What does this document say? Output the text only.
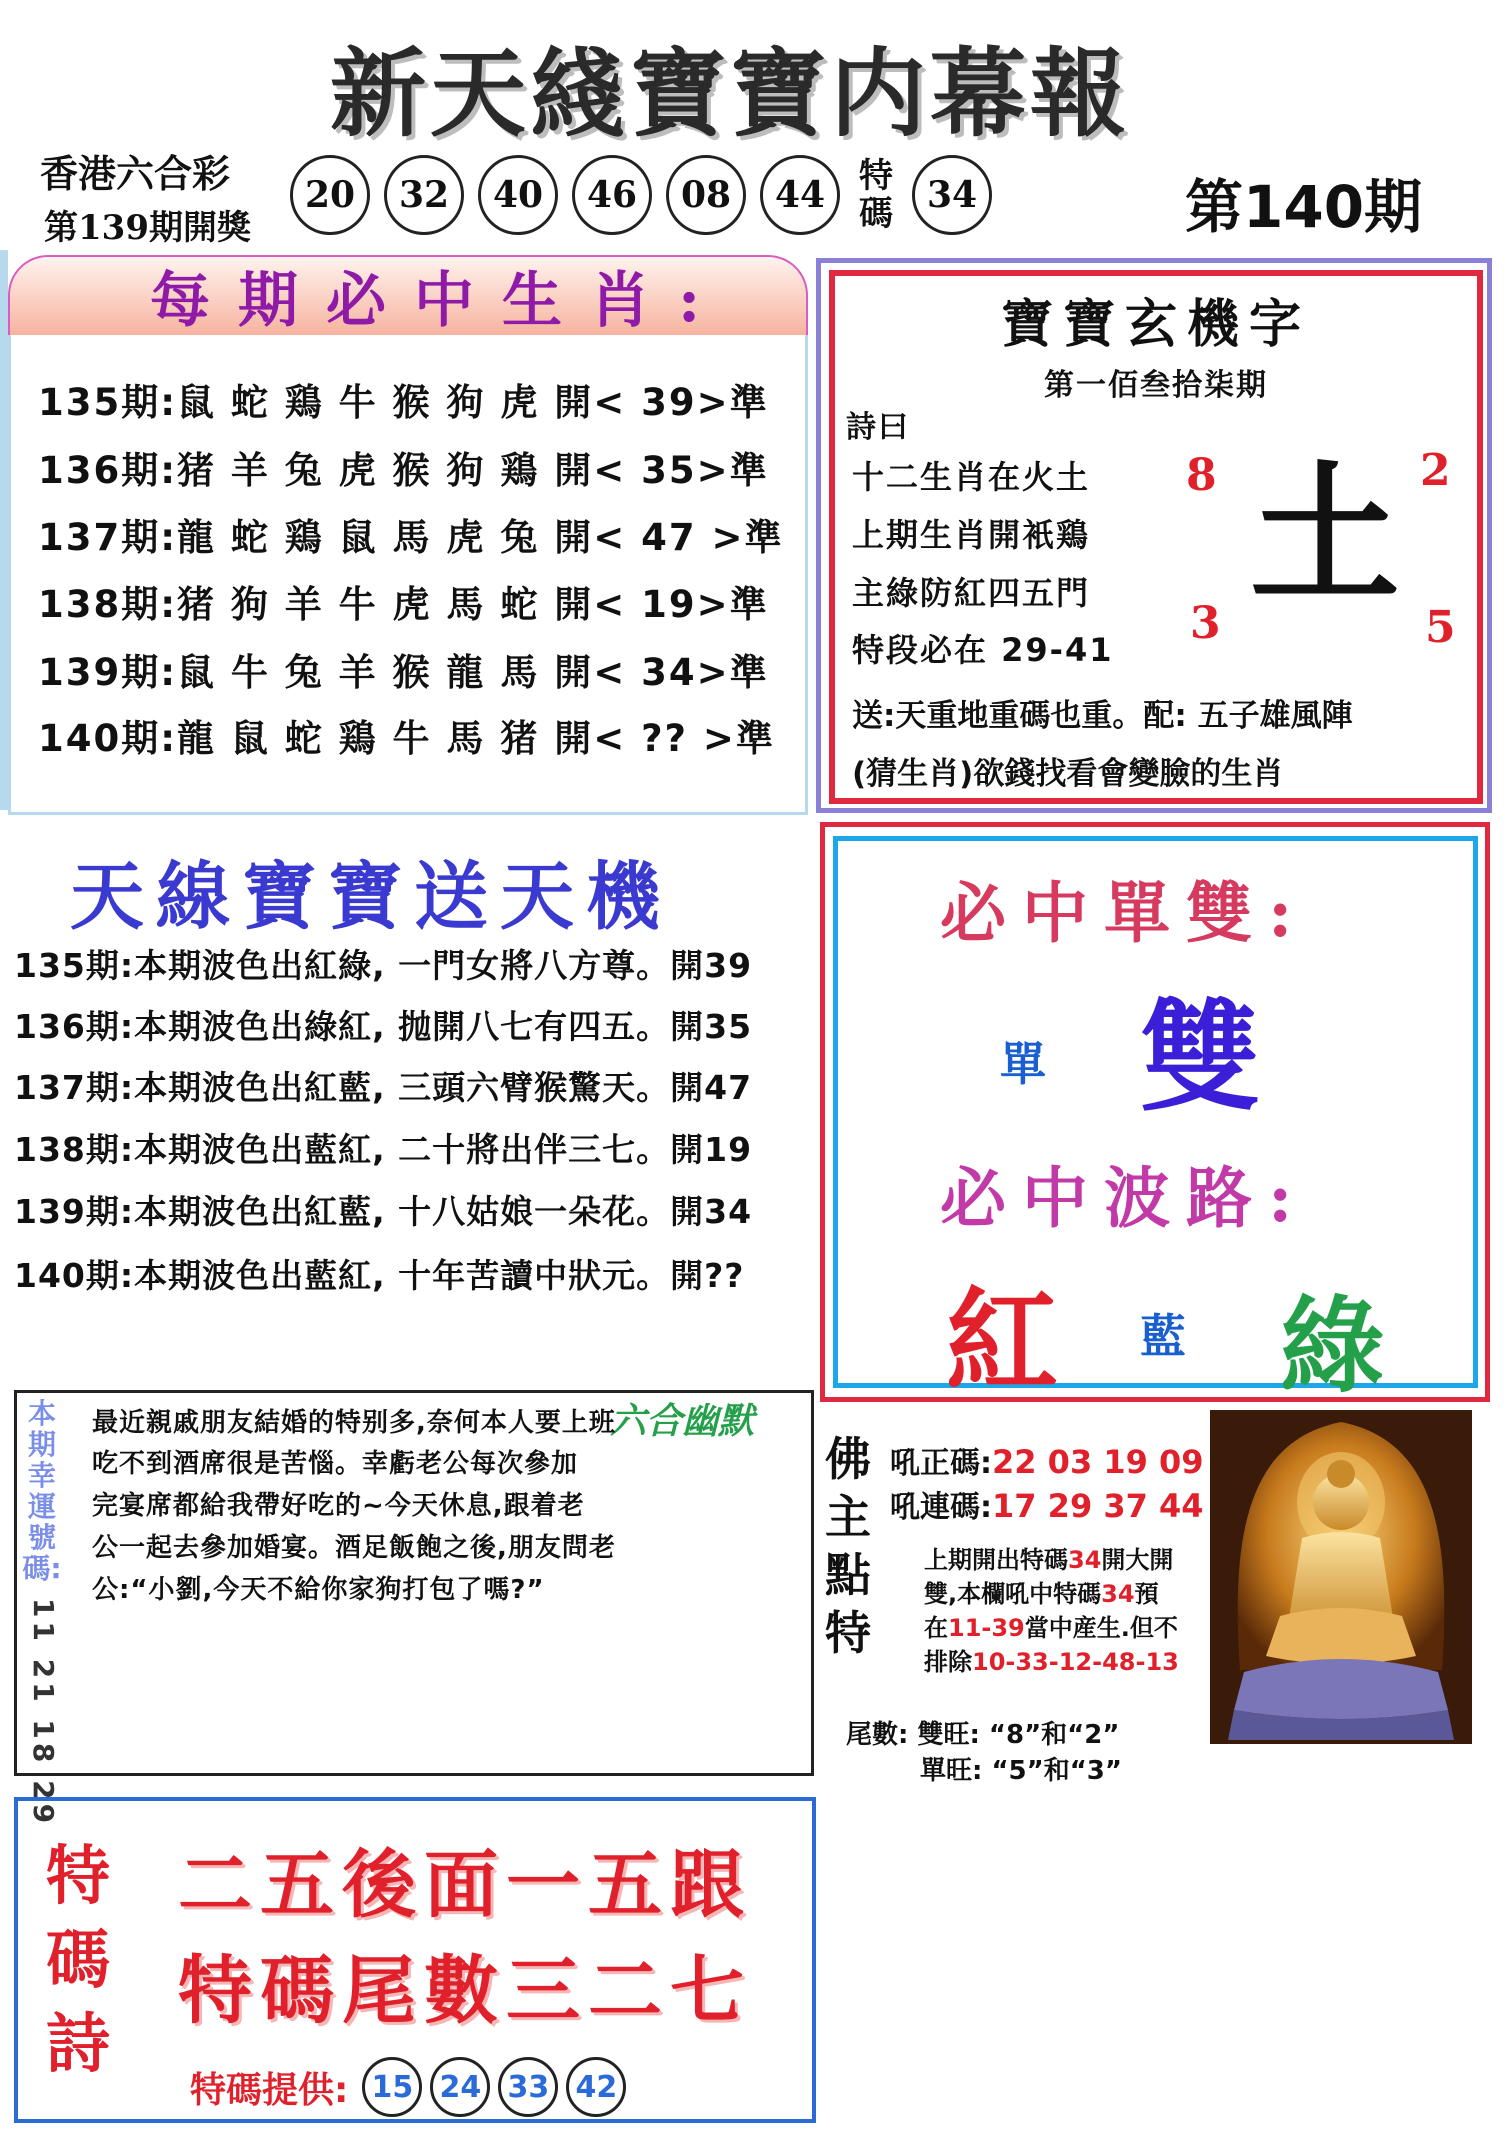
新天綫寶寶内幕報
香港六合彩
第139期開獎
20	32	40	46	08	44 特碼 34	第140期
每期必中生肖:
135期:鼠 蛇 鶏 牛 猴 狗 虎 開< 39>準
136期:猪 羊 兔 虎 猴 狗 鶏 開< 35>準
137期:龍 蛇 鶏 鼠 馬 虎 兔 開< 47 >準
138期:猪 狗 羊 牛 虎 馬 蛇 開< 19>準
139期:鼠 牛 兔 羊 猴 龍 馬 開< 34>準
140期:龍 鼠 蛇 鶏 牛 馬 猪 開< ?? >準
寶寶玄機字
第一佰叁拾柒期
詩曰
十二生肖在火土
上期生肖開衹鶏
主綠防紅四五門
特段必在 29-41
8	2
3	5
土
送:天重地重碼也重。配: 五子雄風陣
(猜生肖)欲錢找看會變臉的生肖
天線寶寶送天機
135期:本期波色出紅綠, 一門女將八方尊。開39
136期:本期波色出綠紅, 抛開八七有四五。開35
137期:本期波色出紅藍, 三頭六臂猴驚天。開47
138期:本期波色出藍紅, 二十將出伴三七。開19
139期:本期波色出紅藍, 十八姑娘一朵花。開34
140期:本期波色出藍紅, 十年苦讀中狀元。開??
必中單雙:
單 雙
必中波路:
紅 藍 綠
本期幸運號碼:
11 21 18 29
六合幽默
最近親戚朋友結婚的特别多,奈何本人要上班
吃不到酒席很是苦惱。幸虧老公每次參加
完宴席都給我帶好吃的~今天休息,跟着老
公一起去參加婚宴。酒足飯飽之後,朋友問老
公:“小劉,今天不給你家狗打包了嗎?”
佛主點特
吼正碼:22 03 19 09
吼連碼:17 29 37 44
上期開出特碼34開大開
雙,本欄吼中特碼34預
在11-39當中産生.但不
排除10-33-12-48-13
尾數: 雙旺: “8”和“2”
單旺: “5”和“3”
特碼詩
二五後面一五跟
特碼尾數三二七
特碼提供: 15 24 33 42
